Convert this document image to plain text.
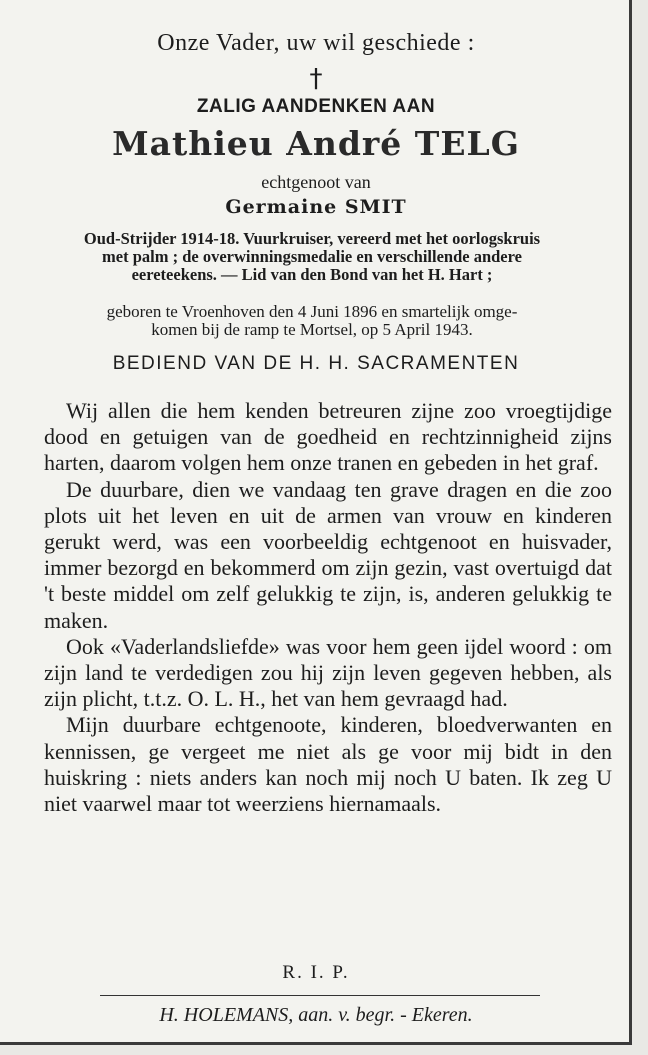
Onze Vader, uw wil geschiede :
†
ZALIG AANDENKEN AAN
Mathieu André TELG
echtgenoot van
Germaine SMIT
Oud-Strijder 1914-18. Vuurkruiser, vereerd met het oorlogskruis
met palm ; de overwinningsmedalie en verschillende andere
eereteekens. — Lid van den Bond van het H. Hart ;
geboren te Vroenhoven den 4 Juni 1896 en smartelijk omge-
komen bij de ramp te Mortsel, op 5 April 1943.
BEDIEND VAN DE H. H. SACRAMENTEN

Wij allen die hem kenden betreuren zijne zoo vroegtijdige dood en getuigen van de goedheid en rechtzinnigheid zijns harten, daarom volgen hem onze tranen en gebeden in het graf.

De duurbare, dien we vandaag ten grave dragen en die zoo plots uit het leven en uit de armen van vrouw en kinderen gerukt werd, was een voorbeeldig echtgenoot en huisvader, immer bezorgd en bekommerd om zijn gezin, vast overtuigd dat 't beste middel om zelf gelukkig te zijn, is, anderen gelukkig te maken.

Ook «Vaderlandsliefde» was voor hem geen ijdel woord : om zijn land te verdedigen zou hij zijn leven gegeven hebben, als zijn plicht, t.t.z. O. L. H., het van hem gevraagd had.

Mijn duurbare echtgenoote, kinderen, bloedverwanten en kennissen, ge vergeet me niet als ge voor mij bidt in den huiskring : niets anders kan noch mij noch U baten. Ik zeg U niet vaarwel maar tot weerziens hiernamaals.

R. I. P.
H. HOLEMANS, aan. v. begr. - Ekeren.
